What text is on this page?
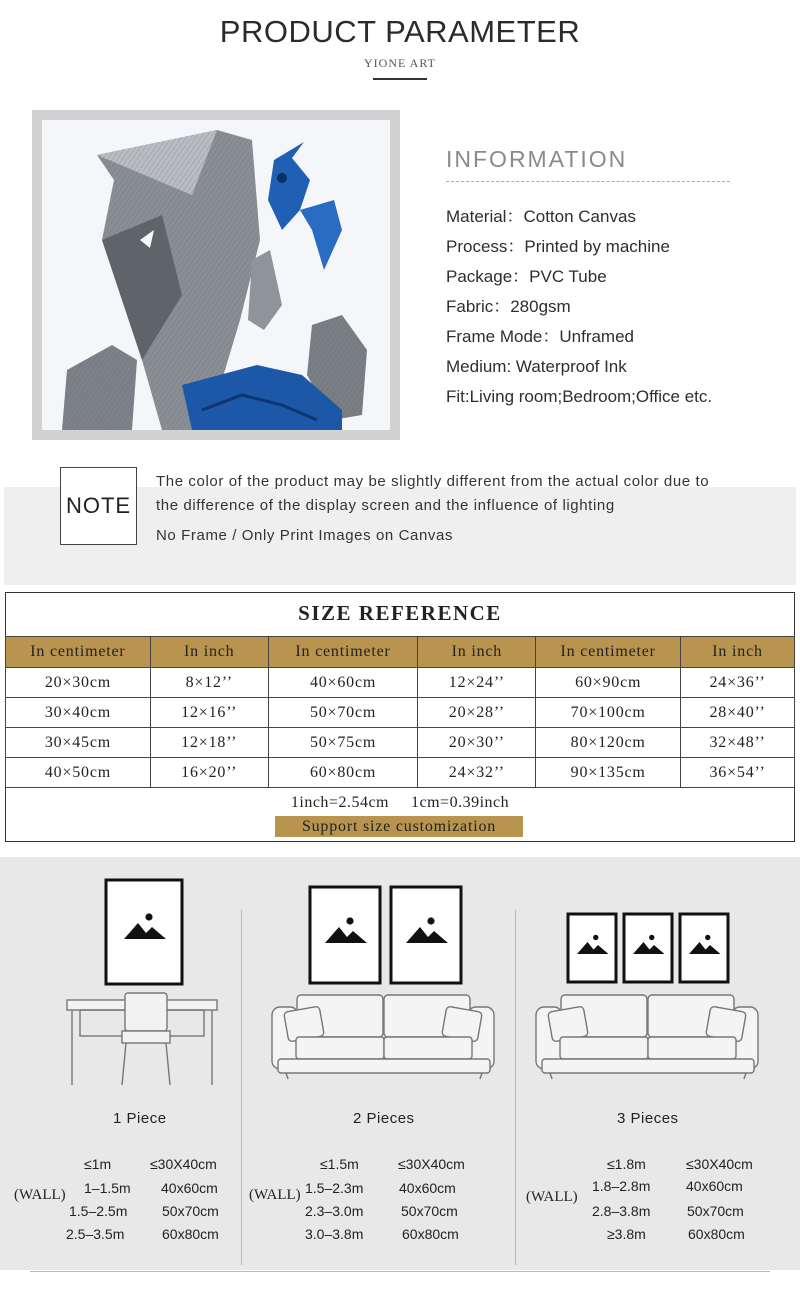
PRODUCT PARAMETER
YIONE ART
INFORMATION
Material：Cotton Canvas
Process：Printed by machine
Package：PVC Tube
Fabric：280gsm
Frame Mode：Unframed
Medium: Waterproof Ink
Fit:Living room;Bedroom;Office etc.
NOTE
The color of the product may be slightly different from the actual color due to
the difference of the display screen and the influence of lighting
No Frame / Only Print Images on Canvas
SIZE REFERENCE
In centimeter	In inch	In centimeter	In inch	In centimeter	In inch
20×30cm	8×12’’	40×60cm	12×24’’	60×90cm	24×36’’
30×40cm	12×16’’	50×70cm	20×28’’	70×100cm	28×40’’
30×45cm	12×18’’	50×75cm	20×30’’	80×120cm	32×48’’
40×50cm	16×20’’	60×80cm	24×32’’	90×135cm	36×54’’
1inch=2.54cm 1cm=0.39inch
Support size customization
1 Piece	2 Pieces	3 Pieces
(WALL)
≤1m	≤30X40cm
1–1.5m 40x60cm
1.5–2.5m 50x70cm
2.5–3.5m	60x80cm
(WALL)
≤1.5m	≤30X40cm
1.5–2.3m	40x60cm
2.3–3.0m	50x70cm
3.0–3.8m	60x80cm
(WALL)
≤1.8m	≤30X40cm
1.8–2.8m	40x60cm
2.8–3.8m	50x70cm
≥3.8m	60x80cm
